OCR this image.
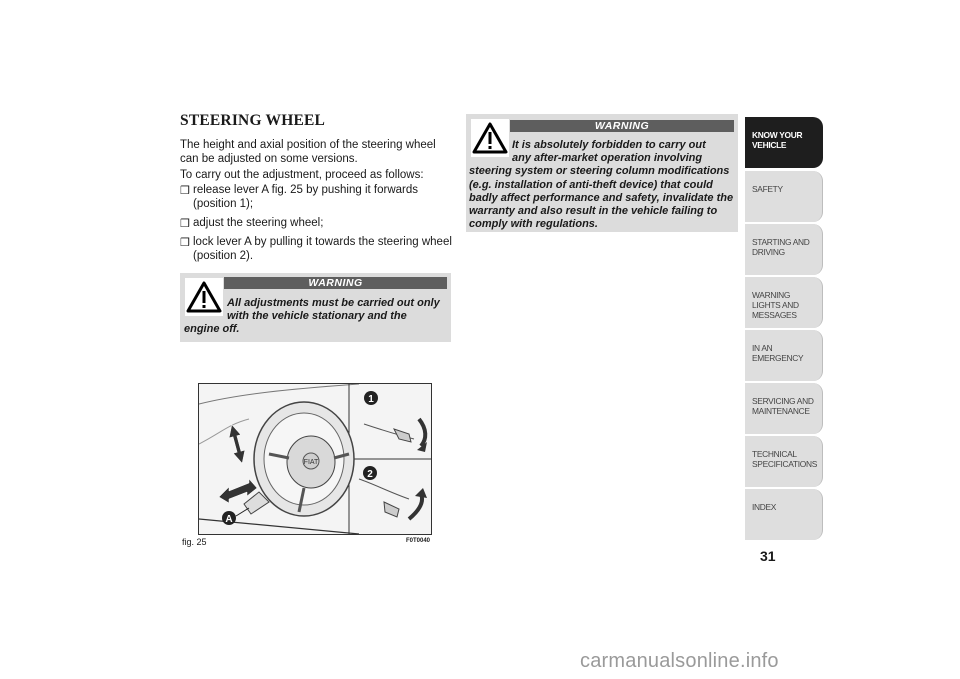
STEERING WHEEL

The height and axial position of the steering wheel can be adjusted on some versions.

To carry out the adjustment, proceed as follows:

❒ release lever A fig. 25 by pushing it forwards (position 1);
❒ adjust the steering wheel;
❒ lock lever A by pulling it towards the steering wheel (position 2).
WARNING

All adjustments must be carried out only
with the vehicle stationary and the
engine off.

FIAT
1
2
A

fig. 25	F0T0040

WARNING

It is absolutely forbidden to carry out
any after-market operation involving
steering system or steering column modifications (e.g. installation of anti-theft device) that could badly affect performance and safety, invalidate the warranty and also result in the vehicle failing to comply with regulations.

KNOW YOUR VEHICLE
SAFETY
STARTING AND DRIVING
WARNING LIGHTS AND MESSAGES
IN AN EMERGENCY
SERVICING AND MAINTENANCE
TECHNICAL SPECIFICATIONS
INDEX

31

carmanualsonline.info
